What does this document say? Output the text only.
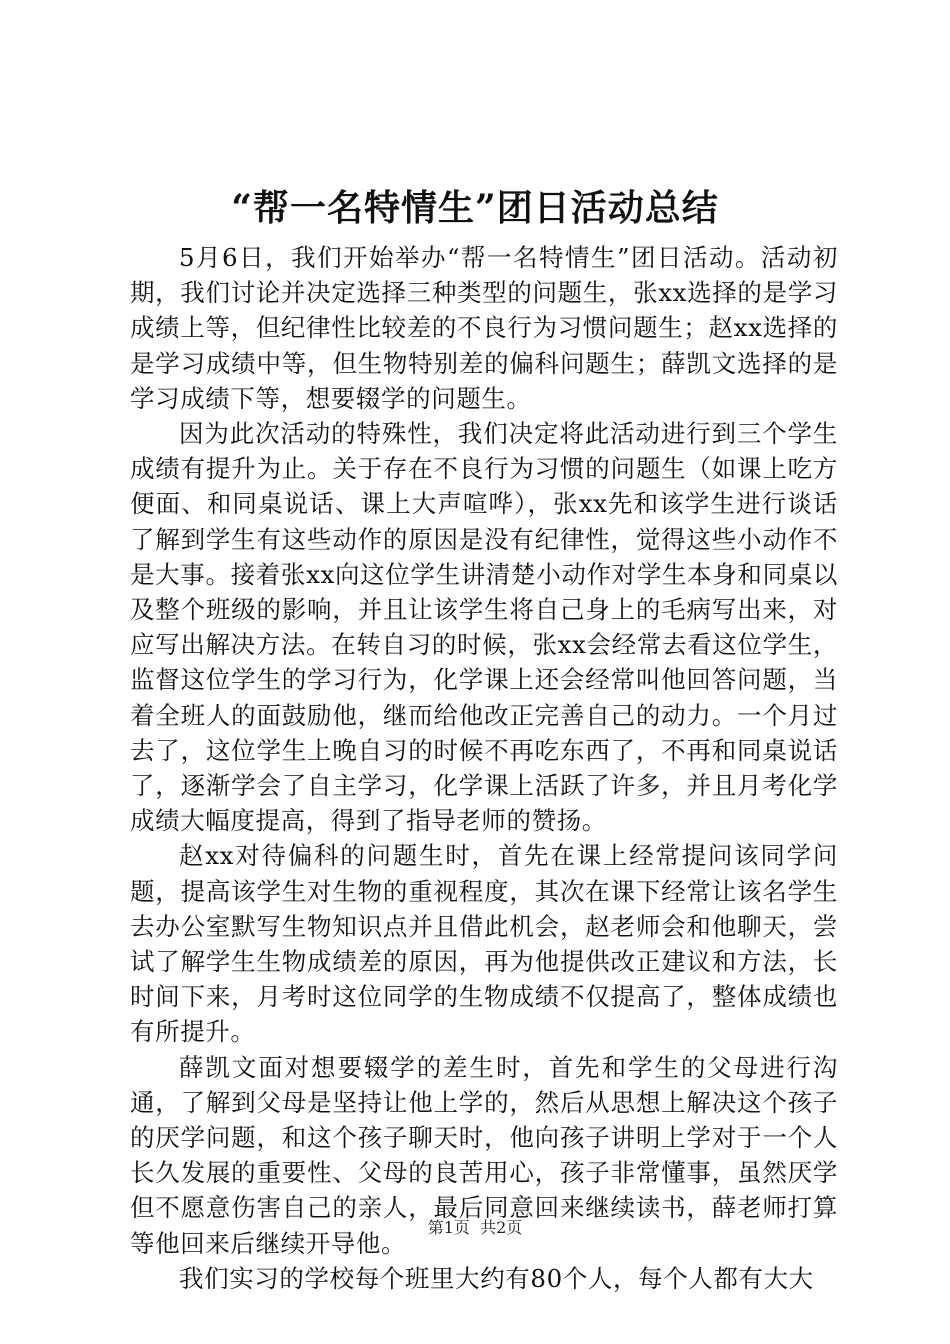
“帮一名特情生”团日活动总结

5月6日，我们开始举办“帮一名特情生”团日活动。活动初期，我们讨论并决定选择三种类型的问题生，张xx选择的是学习成绩上等，但纪律性比较差的不良行为习惯问题生；赵xx选择的是学习成绩中等，但生物特别差的偏科问题生；薛凯文选择的是学习成绩下等，想要辍学的问题生。

因为此次活动的特殊性，我们决定将此活动进行到三个学生成绩有提升为止。关于存在不良行为习惯的问题生（如课上吃方便面、和同桌说话、课上大声喧哗），张xx先和该学生进行谈话了解到学生有这些动作的原因是没有纪律性，觉得这些小动作不是大事。接着张xx向这位学生讲清楚小动作对学生本身和同桌以及整个班级的影响，并且让该学生将自己身上的毛病写出来，对应写出解决方法。在转自习的时候，张xx会经常去看这位学生，监督这位学生的学习行为，化学课上还会经常叫他回答问题，当着全班人的面鼓励他，继而给他改正完善自己的动力。一个月过去了，这位学生上晚自习的时候不再吃东西了，不再和同桌说话了，逐渐学会了自主学习，化学课上活跃了许多，并且月考化学成绩大幅度提高，得到了指导老师的赞扬。

赵xx对待偏科的问题生时，首先在课上经常提问该同学问题，提高该学生对生物的重视程度，其次在课下经常让该名学生去办公室默写生物知识点并且借此机会，赵老师会和他聊天，尝试了解学生生物成绩差的原因，再为他提供改正建议和方法，长时间下来，月考时这位同学的生物成绩不仅提高了，整体成绩也有所提升。

薛凯文面对想要辍学的差生时，首先和学生的父母进行沟通，了解到父母是坚持让他上学的，然后从思想上解决这个孩子的厌学问题，和这个孩子聊天时，他向孩子讲明上学对于一个人长久发展的重要性、父母的良苦用心，孩子非常懂事，虽然厌学但不愿意伤害自己的亲人，最后同意回来继续读书，薛老师打算等他回来后继续开导他。

我们实习的学校每个班里大约有80个人，每个人都有大大

第1页 共2页
